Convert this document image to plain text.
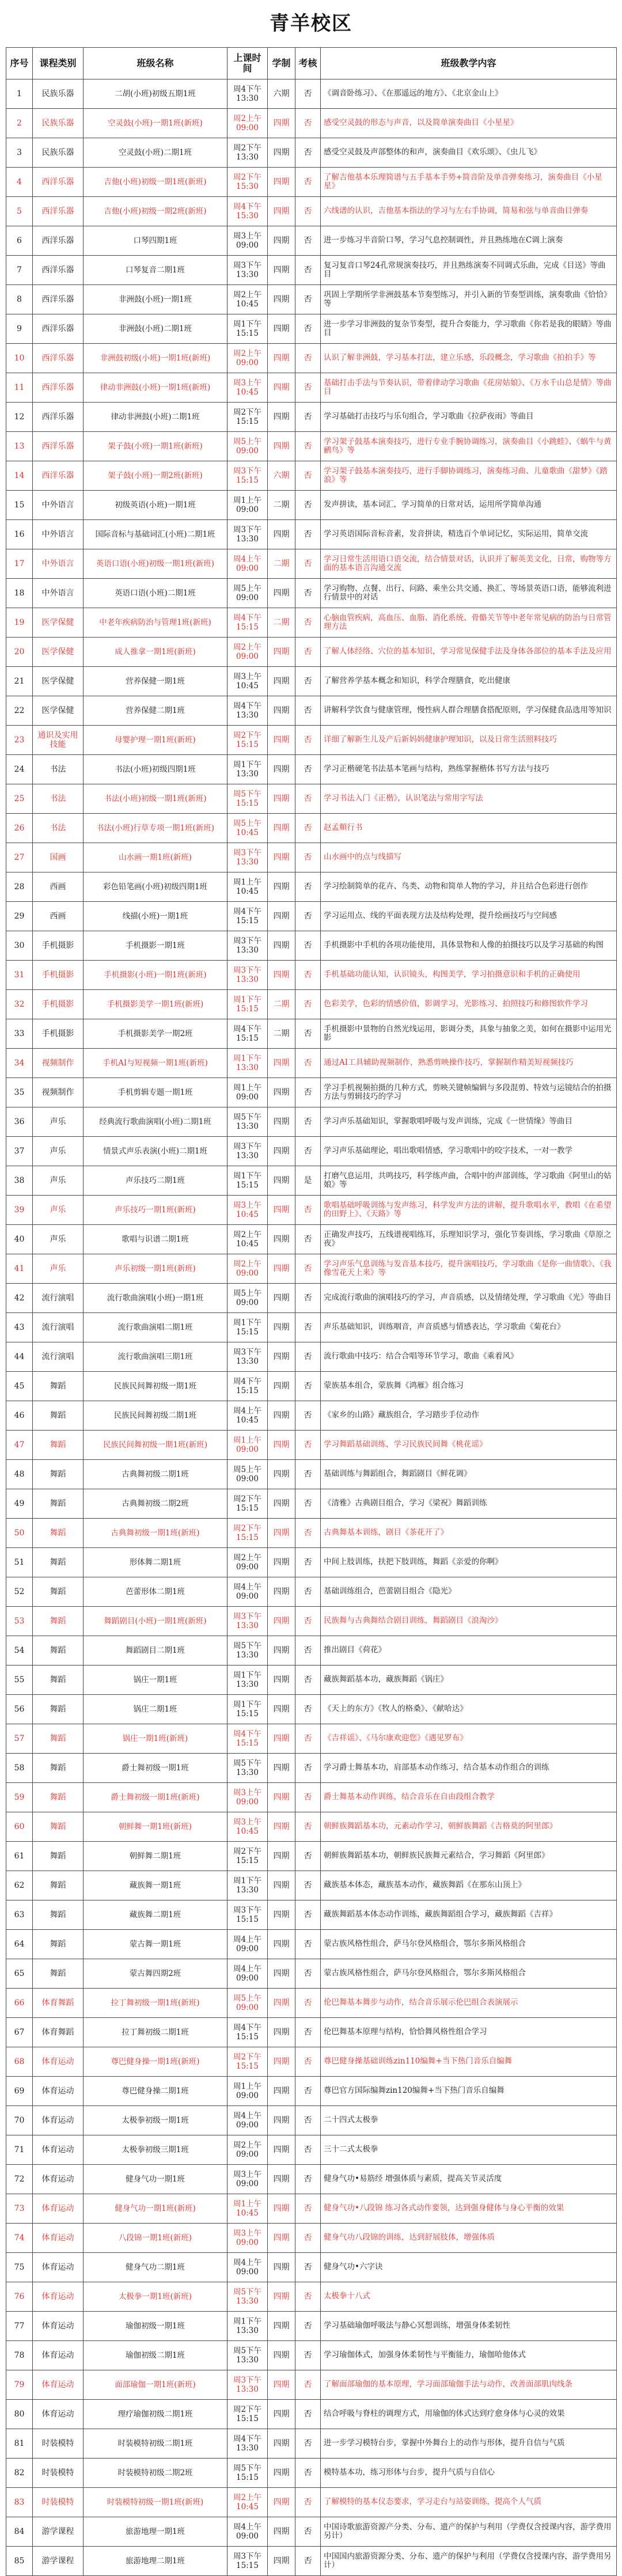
青羊校区
序号	课程类别	班级名称	上课时间	学制	考核	班级教学内容

1	民族乐器	二胡(小班)初级五期1班	周4下午13:30	六期	否	《调音卧练习》、《在那遥远的地方》、《北京金山上》

2	民族乐器	空灵鼓(小班)一期1班(新班)	周2上午09:00	四期	否	感受空灵鼓的形态与声音，以及简单演奏曲目《小星星》

3	民族乐器	空灵鼓(小班)二期1班	周2下午13:30	四期	否	感受空灵鼓及声部整体的和声，演奏曲目《欢乐颂》、《虫儿飞》

4	西洋乐器	吉他(小班)初级一期1班(新班)	周2下午15:30	四期	否	了解吉他基本乐理简谱与五手基本手势+简音阶及单音弹奏练习，演奏曲目《小星星》

5	西洋乐器	吉他(小班)初级一期2班(新班)	周4下午15:30	四期	否	六线谱的认识，吉他基本指法的学习与左右手协调，简易和弦与单音曲目弹奏

6	西洋乐器	口琴四期1班	周3上午09:00	四期	否	进一步练习半音阶口琴，学习气息控制调性，并且熟练地在C调上演奏

7	西洋乐器	口琴复音二期1班	周3下午13:30	四期	否	复习复音口琴24孔常规演奏技巧，并且熟练演奏不同调式乐曲，完成《目送》等曲目

8	西洋乐器	非洲鼓(小班)一期1班	周2上午10:45	四期	否	巩固上学期所学非洲鼓基本节奏型练习，并引入新的节奏型训练，演奏歌曲《恰恰》等

9	西洋乐器	非洲鼓(小班)二期1班	周1下午15:15	四期	否	进一步学习非洲鼓的复杂节奏型，提升合奏能力，学习歌曲《你若是我的眼睛》等曲目

10	西洋乐器	非洲鼓初级(小班)一期1班(新班)	周2上午09:00	四期	否	认识了解非洲鼓，学习基本打法，建立乐感，乐段概念，学习歌曲《拍拍手》等

11	西洋乐器	律动非洲鼓(小班)一期1班(新班)	周3上午10:45	四期	否	基础打击手法与节奏认识，带着律动学习歌曲《花房姑娘》、《万水千山总是情》等曲目

12	西洋乐器	律动非洲鼓(小班)二期1班	周2下午15:15	四期	否	学习基础打击技巧与乐句组合，学习歌曲《拉萨夜雨》等曲目

13	西洋乐器	架子鼓(小班)一期1班(新班)	周5上午09:00	四期	否	学习架子鼓基本演奏技巧，进行专业手腕协调练习，演奏曲目《小跳蛙》、《蜗牛与黄鹂鸟》等

14	西洋乐器	架子鼓(小班)一期2班(新班)	周3下午15:15	六期	否	学习架子鼓基本演奏技巧，进行手脚协调练习，演奏练习曲、儿童歌曲《甜梦》《踏浪》等

15	中外语言	初级英语(小班)一期1班	周1上午09:00	二期	否	发声拼读，基本词汇，学习简单的日常对话，运用所学简单沟通

16	中外语言	国际音标与基础词汇(小班)二期1班	周3下午13:30	四期	否	学习英语国际音标音素，发音拼读，精选百个单词记忆，实际运用，简单交流

17	中外语言	英语口语(小班)初级一期1班(新班)	周4上午09:00	二期	否	学习日常生活用语口语交流，结合情景对话，认识并了解英美文化，日常，购物等方面的基本语言沟通交流

18	中外语言	英语口语(小班)二期1班	周5上午09:00	四期	否	学习购物、点餐、出行、问路、乘坐公共交通、换汇、等场景英语口语，能够流利进行情景中的对话

19	医学保健	中老年疾病防治与管理1班(新班)	周4下午15:15	二期	否	心脑血管疾病，高血压、血脂、消化系统、骨骼关节等中老年常见病的防治与日常管理方法

20	医学保健	成人推拿一期1班(新班)	周2上午09:00	四期	否	了解人体经络、穴位的基本知识，学习常见保健手法及身体各部位的基本手法及应用

21	医学保健	营养保健一期1班	周3上午10:45	四期	否	了解营养学基本概念和知识，科学合理膳食，吃出健康

22	医学保健	营养保健二期1班	周4下午13:30	四期	否	讲解科学饮食与健康管理，慢性病人群合理膳食搭配原则，学习保健食品选用等知识

23	通识及实用技能	母婴护理一期1班(新班)	周2下午15:15	四期	否	详细了解新生儿及产后新妈妈健康护理知识，以及日常生活照料技巧

24	书法	书法(小班)初级四期1班	周1下午13:30	四期	否	学习正楷硬笔书法基本笔画与结构，熟练掌握楷体书写方法与技巧

25	书法	书法(小班)初级一期1班(新班)	周5下午15:15	四期	否	学习书法入门《正楷》，认识笔法与常用字写法

26	书法	书法(小班)行草专项一期1班(新班)	周5上午10:45	四期	否	赵孟頫行书

27	国画	山水画一期1班(新班)	周3下午13:30	四期	否	山水画中的点与线描写

28	西画	彩色铅笔画(小班)初级四期1班	周1上午10:45	四期	否	学习绘制简单的花卉、鸟类、动物和简单人物的学习，并且结合色彩进行创作

29	西画	线描(小班)一期1班	周4下午15:15	四期	否	学习运用点、线的平面表现方法及结构处理，提升绘画技巧与空间感

30	手机摄影	手机摄影一期1班	周3下午13:30	四期	否	手机摄影中手机的各项功能使用，具体景物和人像的拍摄技巧以及学习基础的构图

31	手机摄影	手机摄影(小班)一期1班(新班)	周3下午13:30	四期	否	手机基础功能认知，认识镜头，构图美学，学习拍摄意识和手机的正确使用

32	手机摄影	手机摄影美学一期1班(新班)	周1下午15:15	二期	否	色彩美学，色彩的情感价值，影调学习，光影练习、拍照技巧和修图软件学习

33	手机摄影	手机摄影美学一期2班	周4下午15:15	二期	否	手机摄影中景物的自然光线运用，影调分类，具象与抽象之美，如何在摄影中运用光影

34	视频制作	手机AI与短视频一期1班(新班)	周1下午13:30	四期	否	通过AI工具辅助视频制作，熟悉剪映操作技巧，掌握制作精美短视频技巧

35	视频制作	手机剪辑专题一期1班	周1上午09:00	四期	否	学习手机视频拍摄的几种方式，剪映关键帧编辑与多段混剪、特效与运镜结合的拍摄方法与剪辑技巧的学习

36	声乐	经典流行歌曲演唱(小班)二期1班	周5下午13:30	四期	否	学习声乐基础知识，掌握歌唱呼吸与发声训练，完成《一世情缘》等曲目

37	声乐	情景式声乐表演(小班)二期1班	周3下午13:30	四期	否	学习声乐基础理论，唱出歌唱情感，学习歌唱中的咬字技术，一对一教学

38	声乐	声乐技巧二期1班	周1下午15:15	四期	是	打磨气息运用，共鸣技巧，科学练声曲，合唱中的声部训练，学习歌曲《阿里山的姑娘》等

39	声乐	声乐技巧一期1班(新班)	周3上午10:45	四期	否	歌唱基础呼吸训练与发声练习，科学发声方法的讲解，提升歌唱水平，教唱《在希望的田野上》、《天路》等

40	声乐	歌唱与识谱二期1班	周2上午10:45	四期	否	正确发声技巧，五线谱视唱练耳，乐理知识学习，强化节奏训练，学习歌曲《草原之夜》

41	声乐	声乐初级一期1班(新班)	周2上午09:00	四期	否	学习声乐气息训练与发音基本技巧，提升演唱技巧，学习歌曲《是你一曲情歌》、《我像雪花天上来》等

42	流行演唱	流行歌曲演唱(小班)一期1班	周5上午09:00	四期	否	完成流行歌曲的演唱技巧的学习，声音质感，以及情绪处理，学习歌曲《光》等曲目

43	流行演唱	流行歌曲演唱二期1班	周1下午15:15	四期	否	声乐基础知识，训练咽音，声音质感与情感表达，学习歌曲《菊花台》

44	流行演唱	流行歌曲演唱三期1班	周3下午13:30	四期	否	流行歌曲中技巧：结合合唱等环节学习，歌曲《乘着风》

45	舞蹈	民族民间舞初级一期1班	周4下午15:15	四期	否	蒙族基本组合，蒙族舞《鸿雁》组合练习

46	舞蹈	民族民间舞初级二期1班	周4上午10:45	四期	否	《家乡的山路》藏族组合，学习踏步手位动作

47	舞蹈	民族民间舞初级一期1班(新班)	周1上午09:00	四期	否	学习舞蹈基础训练，学习民族民间舞《桃花谣》

48	舞蹈	古典舞初级二期1班	周5上午09:00	四期	否	基础训练与舞蹈组合，舞蹈剧目《鲜花调》

49	舞蹈	古典舞初级二期2班	周2下午15:15	四期	否	《清雅》古典剧目组合，学习《梁祝》舞蹈训练

50	舞蹈	古典舞初级一期1班(新班)	周2下午15:15	四期	否	古典舞基本训练，剧目《茶花开了》

51	舞蹈	形体舞二期1班	周2上午09:00	四期	否	中间上肢训练，扶把下肢训练，舞蹈《亲爱的你啊》

52	舞蹈	芭蕾形体二期1班	周4上午09:00	四期	否	基础训练组合，芭蕾剧目组合《隐光》

53	舞蹈	舞蹈剧目(小班)一期1班(新班)	周3下午13:30	四期	否	民族舞与古典舞结合剧目训练，舞蹈剧目《浪淘沙》

54	舞蹈	舞蹈剧目二期1班	周5下午13:30	四期	否	推出剧目《荷花》

55	舞蹈	锅庄一期1班	周1下午13:30	四期	否	藏族舞蹈基本功，藏族舞蹈《锅庄》

56	舞蹈	锅庄二期1班	周1下午15:15	四期	否	《天上的东方》《牧人的格桑》、《献哈达》

57	舞蹈	锅庄一期1班(新班)	周4下午15:15	四期	否	《吉祥谣》、《马尔康欢迎您》《遇见罗布》

58	舞蹈	爵士舞初级一期1班	周5下午13:30	四期	否	学习爵士舞基本功，肩部基本动作练习，结合基本动作组合的训练

59	舞蹈	爵士舞初级一期1班(新班)	周3上午09:00	四期	否	爵士舞基本动作训练，结合音乐在自由段组合教学

60	舞蹈	朝鲜舞一期1班(新班)	周3上午10:45	四期	否	朝鲜族舞蹈基本功，元素动作学习，朝鲜族舞蹈《吉格莫的阿里郎》

61	舞蹈	朝鲜舞二期1班	周2下午15:15	四期	否	朝鲜族舞蹈基本功，朝鲜族民族舞元素结合，学习舞蹈《阿里郎》

62	舞蹈	藏族舞一期1班	周1下午13:30	四期	否	藏族基本体态，藏族基本动作，藏族舞蹈《在那东山顶上》

63	舞蹈	藏族舞二期1班	周3下午15:15	四期	否	藏族舞蹈基本体态动作训练，藏族舞蹈组合学习，藏族舞蹈《吉祥》

64	舞蹈	蒙古舞一期1班	周4上午09:00	四期	否	蒙古族风格性组合，萨马尔登风格组合，鄂尔多斯风格组合

65	舞蹈	蒙古舞四期2班	周4上午09:00	四期	否	蒙古族风格性组合，萨马尔登风格组合，鄂尔多斯风格组合

66	体育舞蹈	拉丁舞初级一期1班(新班)	周5上午09:00	四期	否	伦巴舞基本舞步与动作，结合音乐展示伦巴组合表演展示

67	体育舞蹈	拉丁舞初级二期1班	周4下午15:15	四期	否	伦巴舞基本原理与结构，恰恰舞风格性组合学习

68	体育运动	尊巴健身操一期1班(新班)	周2下午15:15	四期	否	尊巴健身操基础训练zin110编舞+当下热门音乐自编舞

69	体育运动	尊巴健身操二期1班	周1上午09:00	四期	否	尊巴官方国际编舞zin120编舞+当下热门音乐自编舞

70	体育运动	太极拳初级一期1班	周4上午09:00	四期	否	二十四式太极拳

71	体育运动	太极拳初级三期1班	周2上午09:00	四期	否	三十二式太极拳

72	体育运动	健身气功一期1班	周3上午09:00	四期	否	健身气功•易筋经 增强体质与素质，提高关节灵活度

73	体育运动	健身气功一期1班(新班)	周1上午10:45	四期	否	健身气功•八段锦 练习各式动作要领，达到强身健体与身心平衡的效果

74	体育运动	八段锦一期1班(新班)	周3上午09:00	四期	否	健身气功八段锦的训练，达到舒展肢体，增强体质

75	体育运动	健身气功二期1班	周4上午09:00	四期	否	健身气功•六字诀

76	体育运动	太极拳一期1班(新班)	周5下午13:30	四期	否	太极拳十八式

77	体育运动	瑜伽初级一期1班	周1下午13:30	四期	否	学习基础瑜伽呼吸法与静心冥想训练，增强身体柔韧性

78	体育运动	瑜伽初级二期1班	周5下午13:30	四期	否	学习瑜伽体式，加强身体柔韧性与平衡能力，瑜伽哈他体式

79	体育运动	面部瑜伽一期1班(新班)	周3下午13:30	四期	否	了解面部瑜伽的基本原理，学习面部瑜伽手法与动作，改善面部肌肉线条

80	体育运动	理疗瑜伽初级二期1班	周2下午15:15	四期	否	结合呼吸与脊柱的调理方式，用瑜伽的体式达到疗愈身体与心灵的效果

81	时装模特	时装模特初级二期1班	周4下午13:30	四期	否	进一步学习模特台步，掌握中外舞台上的动作与形体，提升自信与气质

82	时装模特	时装模特初级二期2班	周5下午15:15	四期	否	模特基本功，练习形体与台步，提升气质与自信心

83	时装模特	时装模特初级一期1班(新班)	周2上午10:45	四期	否	了解模特的基本仪态要求，学习走台与站姿训练，提高个人气质

84	游学课程	旅游地理一期1班	周4上午09:00	四期	否	中国诗歌旅游资源产分类、分布、遗产的保护与利用（学费仅含授课内容，游学费用另计）

85	游学课程	旅游地理二期1班	周3下午15:15	四期	否	中国国内旅游资源分类、分布、遗产的保护与利用（学费仅含授课内容，游学费用另计）
